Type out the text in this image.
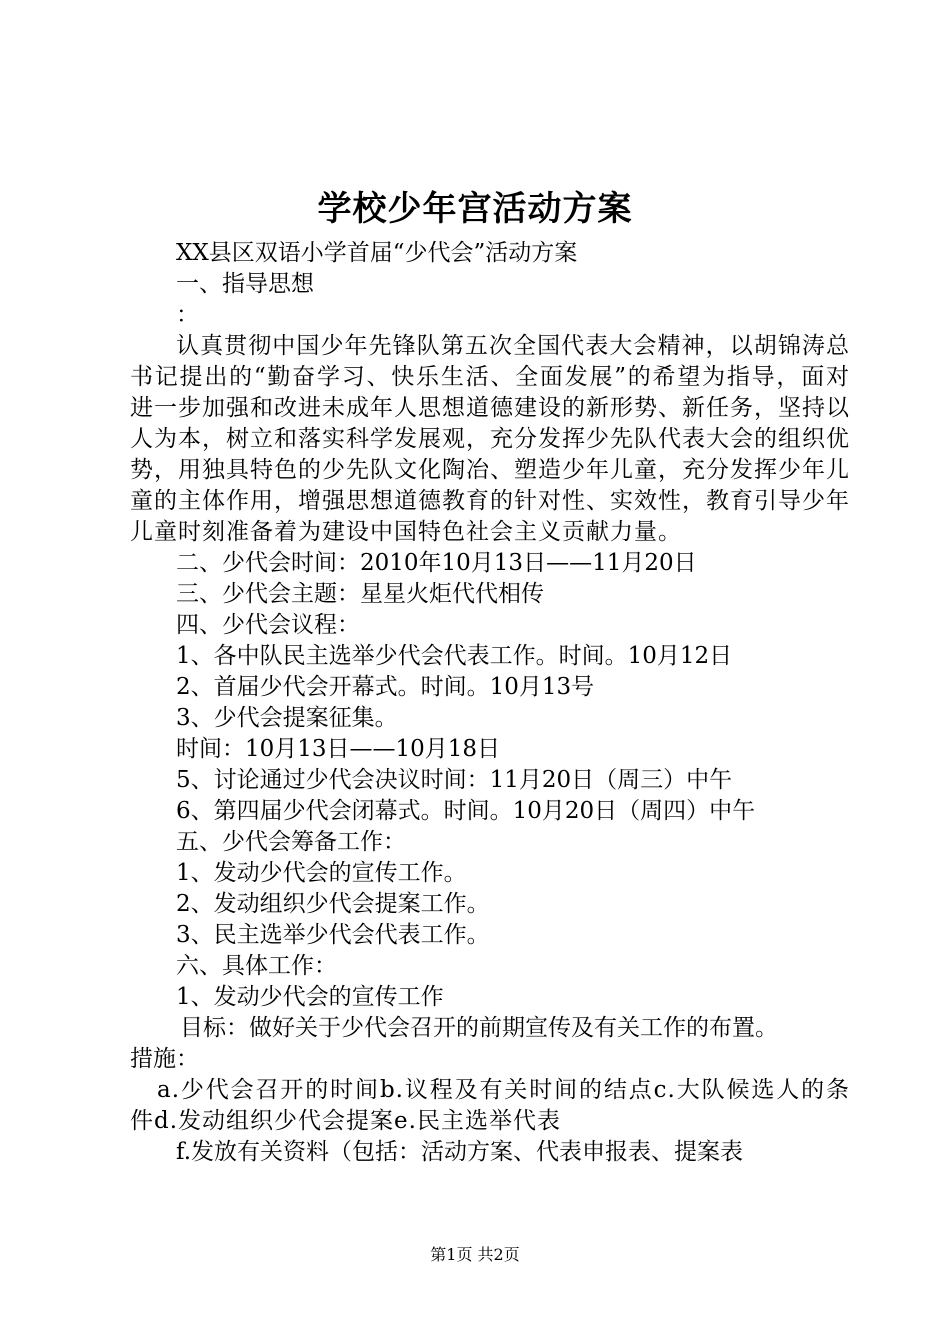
学校少年宫活动方案

XX县区双语小学首届“少代会”活动方案

一、指导思想

：

认真贯彻中国少年先锋队第五次全国代表大会精神，以胡锦涛总书记提出的“勤奋学习、快乐生活、全面发展”的希望为指导，面对进一步加强和改进未成年人思想道德建设的新形势、新任务，坚持以人为本，树立和落实科学发展观，充分发挥少先队代表大会的组织优势，用独具特色的少先队文化陶冶、塑造少年儿童，充分发挥少年儿童的主体作用，增强思想道德教育的针对性、实效性，教育引导少年儿童时刻准备着为建设中国特色社会主义贡献力量。

二、少代会时间：2010年10月13日——11月20日

三、少代会主题：星星火炬代代相传

四、少代会议程：

1、各中队民主选举少代会代表工作。时间。10月12日

2、首届少代会开幕式。时间。10月13号

3、少代会提案征集。

时间：10月13日——10月18日

5、讨论通过少代会决议时间：11月20日（周三）中午

6、第四届少代会闭幕式。时间。10月20日（周四）中午

五、少代会筹备工作：

1、发动少代会的宣传工作。

2、发动组织少代会提案工作。

3、民主选举少代会代表工作。

六、具体工作：

1、发动少代会的宣传工作

目标：做好关于少代会召开的前期宣传及有关工作的布置。

措施：

a.少代会召开的时间b.议程及有关时间的结点c.大队候选人的条件d.发动组织少代会提案e.民主选举代表

f.发放有关资料（包括：活动方案、代表申报表、提案表

第1页 共2页
